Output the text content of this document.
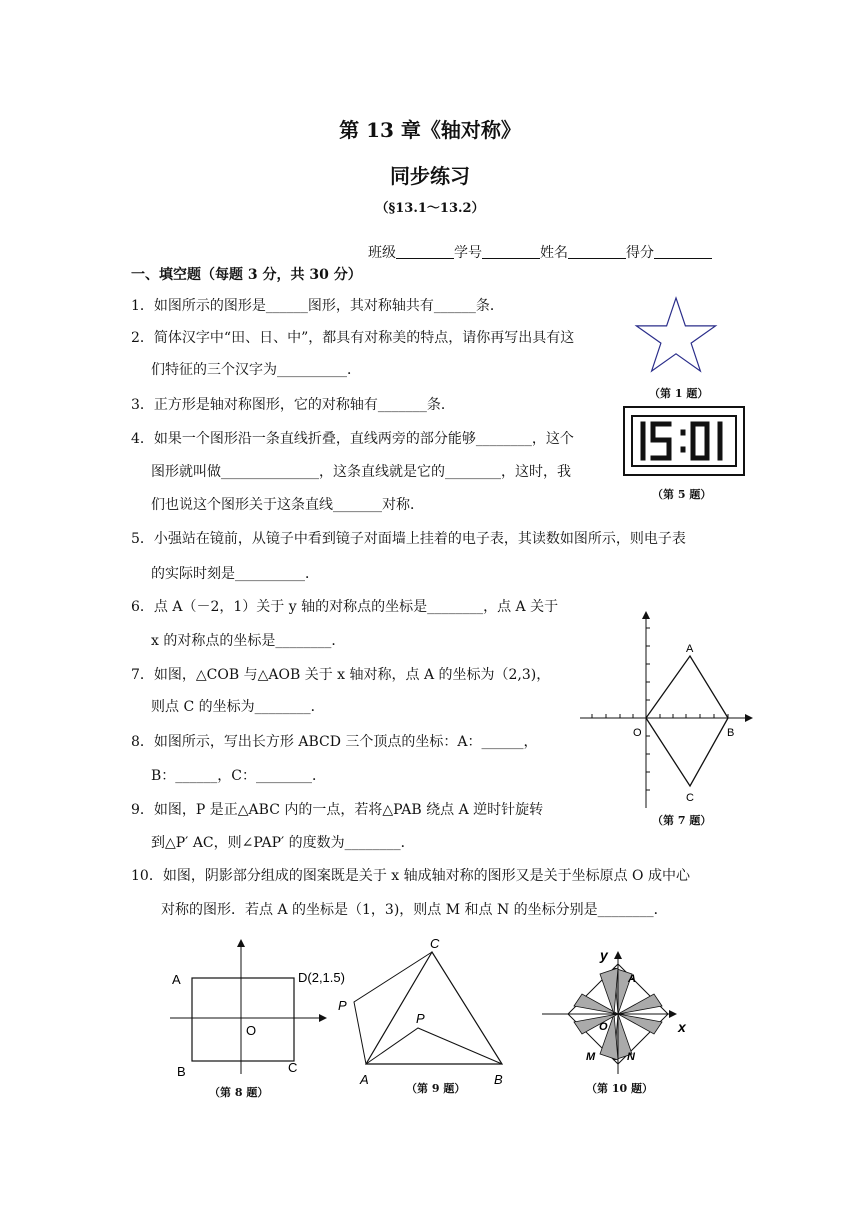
第 13 章《轴对称》
同步练习
（§13.1～13.2）
班级	学号	姓名	得分
一、填空题（每题 3 分，共 30 分）
1．如图所示的图形是______图形，其对称轴共有______条．
2．简体汉字中“田、日、中”，都具有对称美的特点，请你再写出具有这
们特征的三个汉字为__________．
3．正方形是轴对称图形，它的对称轴有_______条．
4．如果一个图形沿一条直线折叠，直线两旁的部分能够________，这个
图形就叫做______________，这条直线就是它的________，这时，我
们也说这个图形关于这条直线_______对称．
5．小强站在镜前，从镜子中看到镜子对面墙上挂着的电子表，其读数如图所示，则电子表
的实际时刻是__________．
6．点 A（－2，1）关于 y 轴的对称点的坐标是________，点 A 关于
x 的对称点的坐标是________．
7．如图，△COB 与△AOB 关于 x 轴对称，点 A 的坐标为（2,3)，
则点 C 的坐标为________．
8．如图所示，写出长方形 ABCD 三个顶点的坐标：A：______，
B：______，C：________．
9．如图，P 是正△ABC 内的一点，若将△PAB 绕点 A 逆时针旋转
到△P′ AC，则∠PAP′ 的度数为________．
10．如图，阴影部分组成的图案既是关于 x 轴成轴对称的图形又是关于坐标原点 O 成中心
对称的图形．若点 A 的坐标是（1，3)，则点 M 和点 N 的坐标分别是________．
（第 1 题）
（第 5 题）
A
O	B
C
（第 7 题）
A	D(2,1.5)
O
B	C
（第 8 题）
C
P
P
A	B
（第 9 题）
y
x
A
O
M	N
（第 10 题）
